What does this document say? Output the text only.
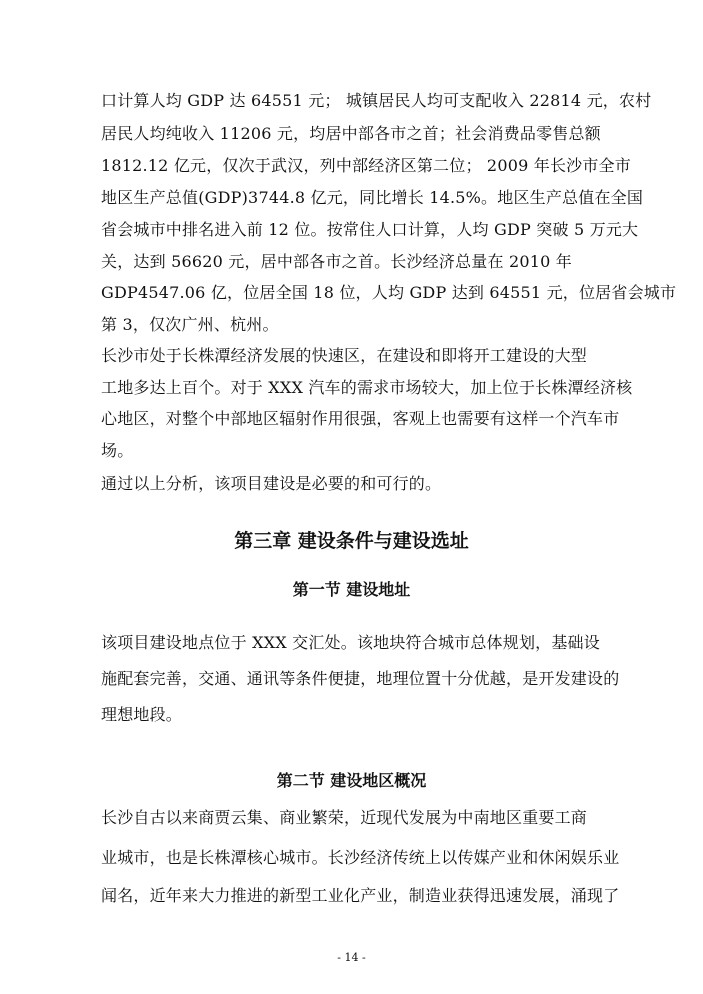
口计算人均 GDP 达 64551 元； 城镇居民人均可支配收入 22814 元，农村
居民人均纯收入 11206 元，均居中部各市之首；社会消费品零售总额
1812.12 亿元，仅次于武汉，列中部经济区第二位； 2009 年长沙市全市
地区生产总值(GDP)3744.8 亿元，同比增长 14.5%。地区生产总值在全国
省会城市中排名进入前 12 位。按常住人口计算，人均 GDP 突破 5 万元大
关，达到 56620 元，居中部各市之首。长沙经济总量在 2010 年
GDP4547.06 亿，位居全国 18 位，人均 GDP 达到 64551 元，位居省会城市
第 3，仅次广州、杭州。
长沙市处于长株潭经济发展的快速区，在建设和即将开工建设的大型
工地多达上百个。对于 XXX 汽车的需求市场较大，加上位于长株潭经济核
心地区，对整个中部地区辐射作用很强，客观上也需要有这样一个汽车市
场。
通过以上分析，该项目建设是必要的和可行的。
第三章 建设条件与建设选址
第一节 建设地址
该项目建设地点位于 XXX 交汇处。该地块符合城市总体规划，基础设
施配套完善，交通、通讯等条件便捷，地理位置十分优越，是开发建设的
理想地段。
第二节 建设地区概况
长沙自古以来商贾云集、商业繁荣，近现代发展为中南地区重要工商
业城市，也是长株潭核心城市。长沙经济传统上以传媒产业和休闲娱乐业
闻名，近年来大力推进的新型工业化产业，制造业获得迅速发展，涌现了
- 14 -
